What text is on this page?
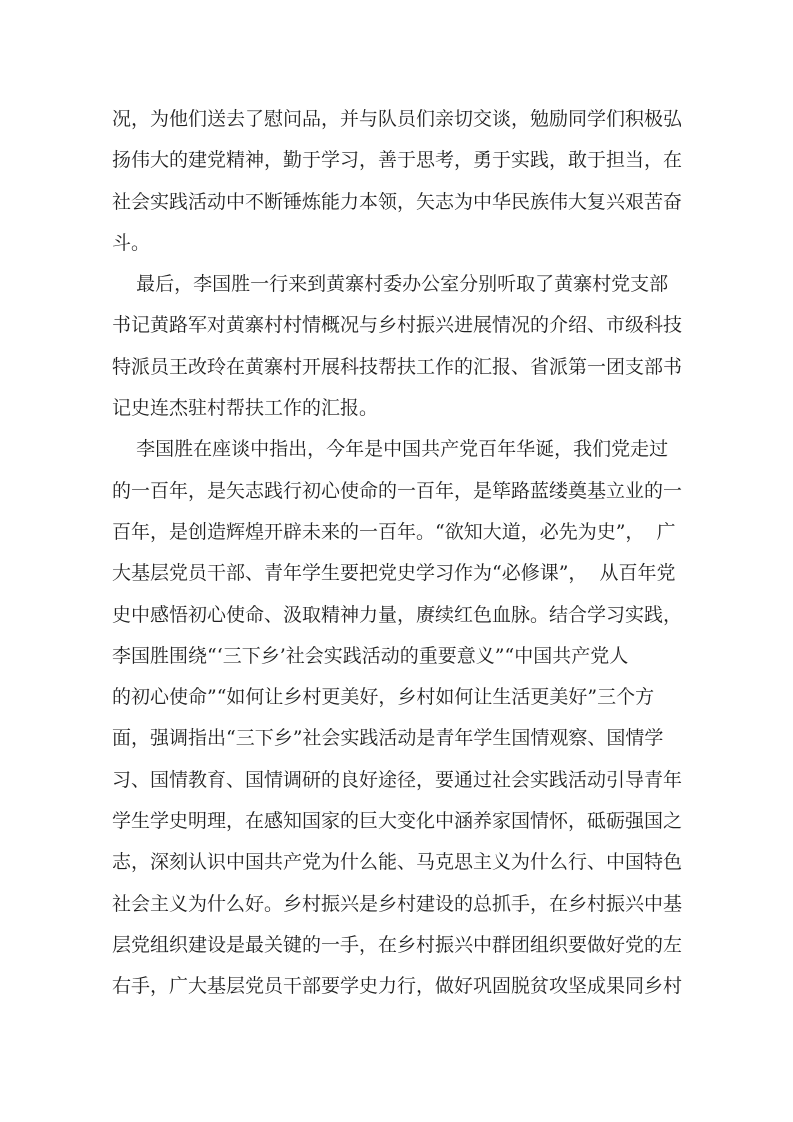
况，为他们送去了慰问品，并与队员们亲切交谈，勉励同学们积极弘
扬伟大的建党精神，勤于学习，善于思考，勇于实践，敢于担当，在
社会实践活动中不断锤炼能力本领，矢志为中华民族伟大复兴艰苦奋
斗。
最后，李国胜一行来到黄寨村委办公室分别听取了黄寨村党支部
书记黄路军对黄寨村村情概况与乡村振兴进展情况的介绍、市级科技
特派员王改玲在黄寨村开展科技帮扶工作的汇报、省派第一团支部书
记史连杰驻村帮扶工作的汇报。
李国胜在座谈中指出，今年是中国共产党百年华诞，我们党走过
的一百年，是矢志践行初心使命的一百年，是筚路蓝缕奠基立业的一
百年，是创造辉煌开辟未来的一百年。“欲知大道，必先为史”，  广
大基层党员干部、青年学生要把党史学习作为“必修课”，  从百年党
史中感悟初心使命、汲取精神力量，赓续红色血脉。结合学习实践，
李国胜围绕“‘三下乡’社会实践活动的重要意义”“中国共产党人
的初心使命”“如何让乡村更美好，乡村如何让生活更美好”三个方
面，强调指出“三下乡”社会实践活动是青年学生国情观察、国情学
习、国情教育、国情调研的良好途径，要通过社会实践活动引导青年
学生学史明理，在感知国家的巨大变化中涵养家国情怀，砥砺强国之
志，深刻认识中国共产党为什么能、马克思主义为什么行、中国特色
社会主义为什么好。乡村振兴是乡村建设的总抓手，在乡村振兴中基
层党组织建设是最关键的一手，在乡村振兴中群团组织要做好党的左
右手，广大基层党员干部要学史力行，做好巩固脱贫攻坚成果同乡村
